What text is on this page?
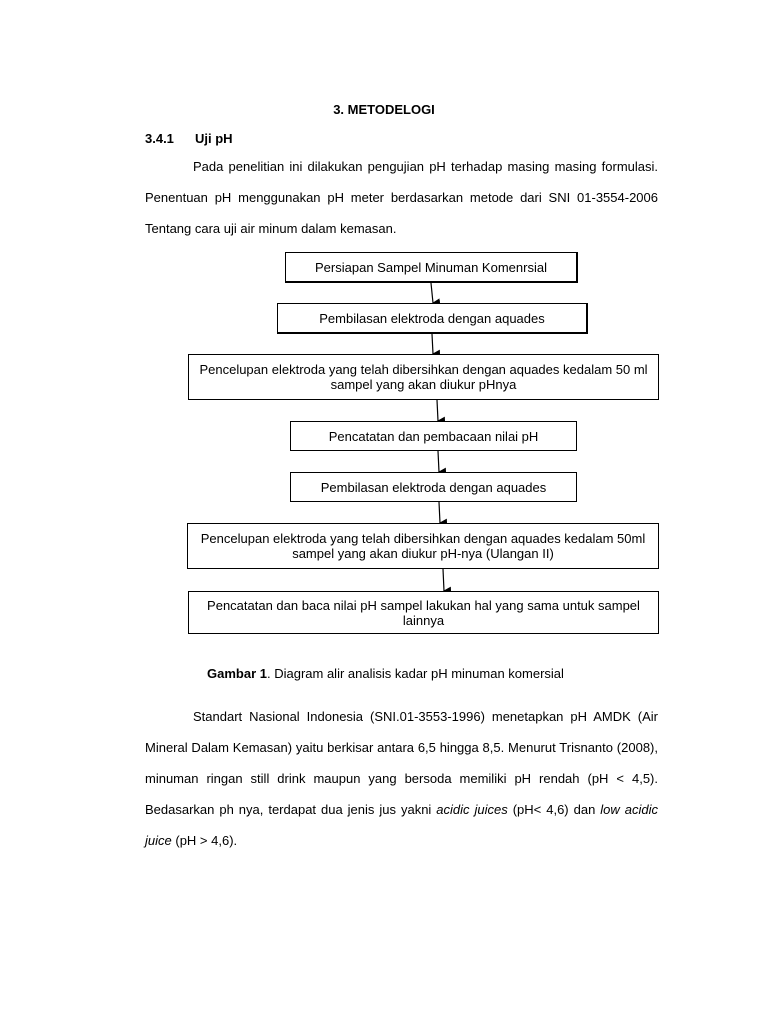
3. METODELOGI
3.4.1 Uji pH

Pada penelitian ini dilakukan pengujian pH terhadap masing masing formulasi. Penentuan pH menggunakan pH meter berdasarkan metode dari SNI 01-3554-2006 Tentang cara uji air minum dalam kemasan.

Persiapan Sampel Minuman Komenrsial
Pembilasan elektroda dengan aquades
Pencelupan elektroda yang telah dibersihkan dengan aquades kedalam 50 ml sampel yang akan diukur pHnya
Pencatatan dan pembacaan nilai pH
Pembilasan elektroda dengan aquades
Pencelupan elektroda yang telah dibersihkan dengan aquades kedalam 50ml sampel yang akan diukur pH-nya (Ulangan II)
Pencatatan dan baca nilai pH sampel lakukan hal yang sama untuk sampel lainnya
Gambar 1. Diagram alir analisis kadar pH minuman komersial

Standart Nasional Indonesia (SNI.01-3553-1996) menetapkan pH AMDK (Air Mineral Dalam Kemasan) yaitu berkisar antara 6,5 hingga 8,5. Menurut Trisnanto (2008), minuman ringan still drink maupun yang bersoda memiliki pH rendah (pH < 4,5). Bedasarkan ph nya, terdapat dua jenis jus yakni acidic juices (pH< 4,6) dan low acidic juice (pH > 4,6).
